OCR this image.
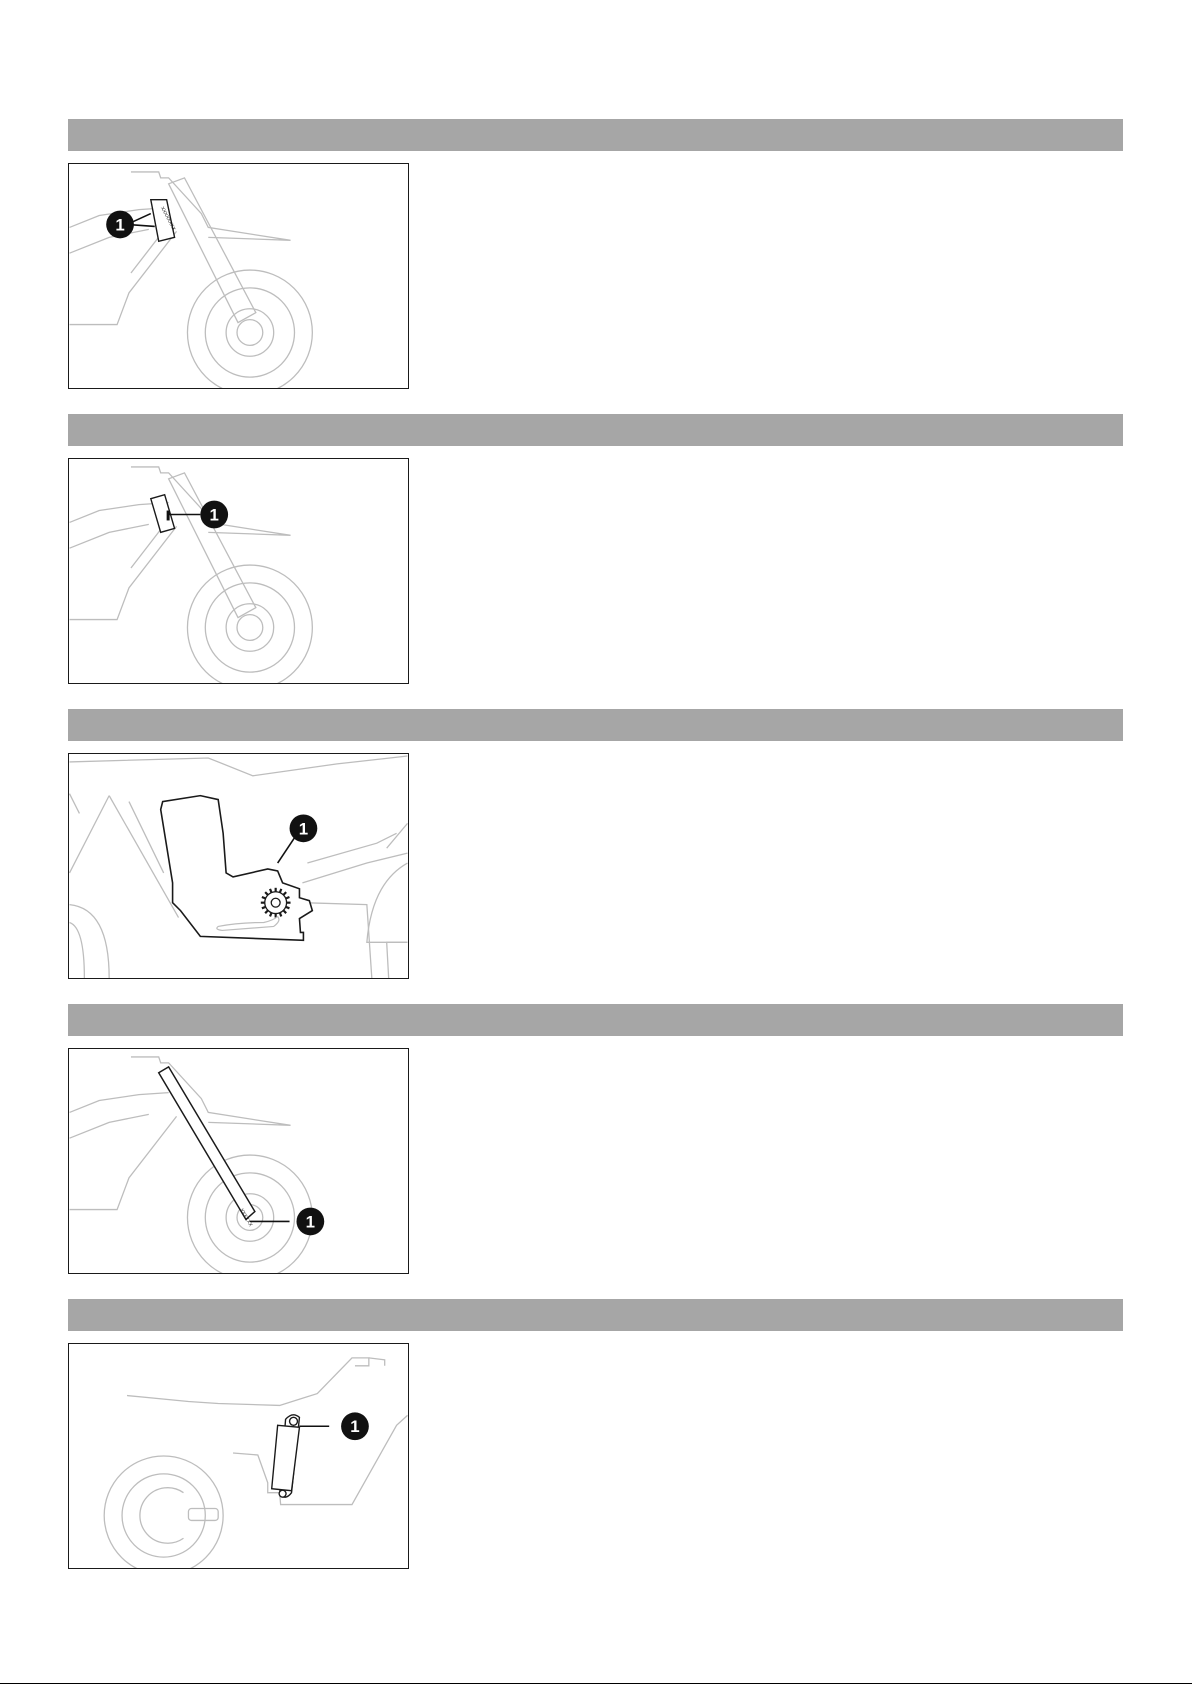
XXXXXXXX
1
1
1
XXXXXX	1
1
